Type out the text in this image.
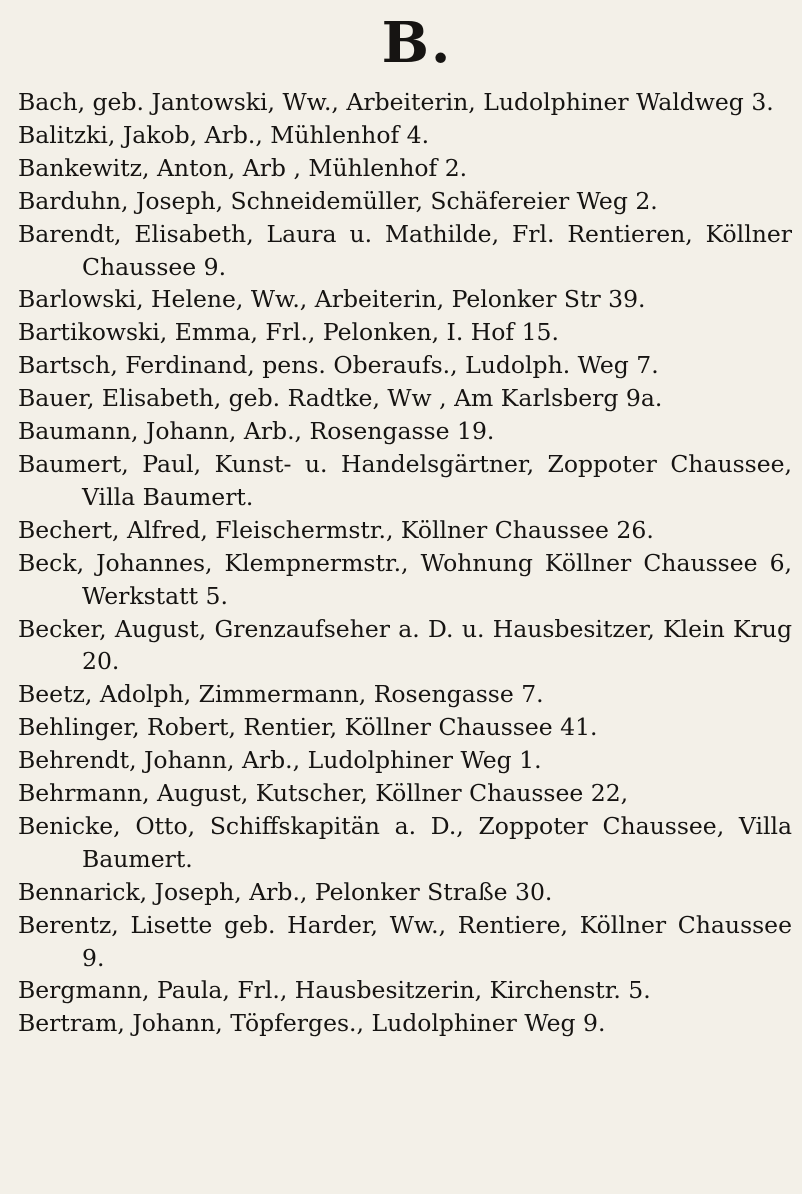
B.
Bach, geb. Jantowski, Ww., Arbeiterin, Ludolphiner Waldweg 3.
Balitzki, Jakob, Arb., Mühlenhof 4.
Bankewitz, Anton, Arb , Mühlenhof 2.
Barduhn, Joseph, Schneidemüller, Schäfereier Weg 2.
Barendt, Elisabeth, Laura u. Mathilde, Frl. Rentieren, Köllner Chaussee 9.
Barlowski, Helene, Ww., Arbeiterin, Pelonker Str 39.
Bartikowski, Emma, Frl., Pelonken, I. Hof 15.
Bartsch, Ferdinand, pens. Oberaufs., Ludolph. Weg 7.
Bauer, Elisabeth, geb. Radtke, Ww , Am Karlsberg 9a.
Baumann, Johann, Arb., Rosengasse 19.
Baumert, Paul, Kunst- u. Handelsgärtner, Zoppoter Chaussee, Villa Baumert.
Bechert, Alfred, Fleischermstr., Köllner Chaussee 26.
Beck, Johannes, Klempnermstr., Wohnung Köllner Chaussee 6, Werkstatt 5.
Becker, August, Grenzaufseher a. D. u. Hausbesitzer, Klein Krug 20.
Beetz, Adolph, Zimmermann, Rosengasse 7.
Behlinger, Robert, Rentier, Köllner Chaussee 41.
Behrendt, Johann, Arb., Ludolphiner Weg 1.
Behrmann, August, Kutscher, Köllner Chaussee 22,
Benicke, Otto, Schiffskapitän a. D., Zoppoter Chaussee, Villa Baumert.
Bennarick, Joseph, Arb., Pelonker Straße 30.
Berentz, Lisette geb. Harder, Ww., Rentiere, Köllner Chaussee 9.
Bergmann, Paula, Frl., Hausbesitzerin, Kirchenstr. 5.
Bertram, Johann, Töpferges., Ludolphiner Weg 9.
